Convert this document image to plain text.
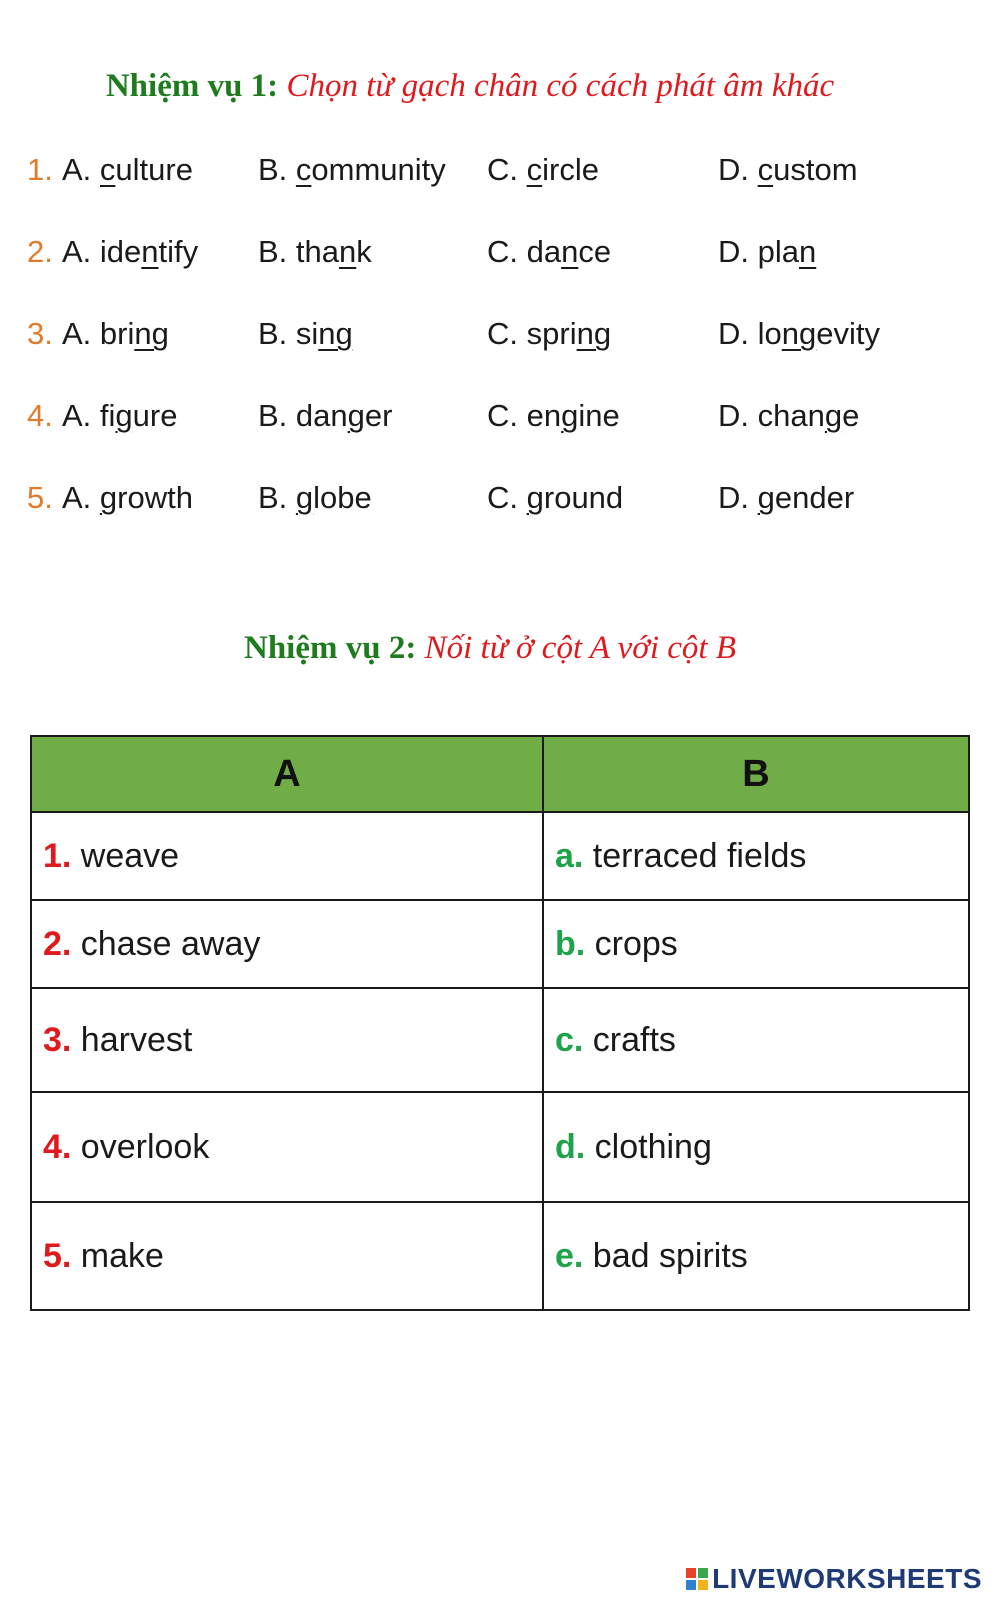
Nhiệm vụ 1: Chọn từ gạch chân có cách phát âm khác
1. A. culture B. community C. circle	D. custom
2. A. identify B. thank	C. dance	D. plan
3. A. bring	B. sing	C. spring	D. longevity
4. A. figure	B. danger	C. engine	D. change
5. A. growth B. globe	C. ground	D. gender
Nhiệm vụ 2: Nối từ ở cột A với cột B
A	B
1. weave	a. terraced fields
2. chase away	b. crops
3. harvest	c. crafts
4. overlook	d. clothing
5. make	e. bad spirits
LIVEWORKSHEETS
